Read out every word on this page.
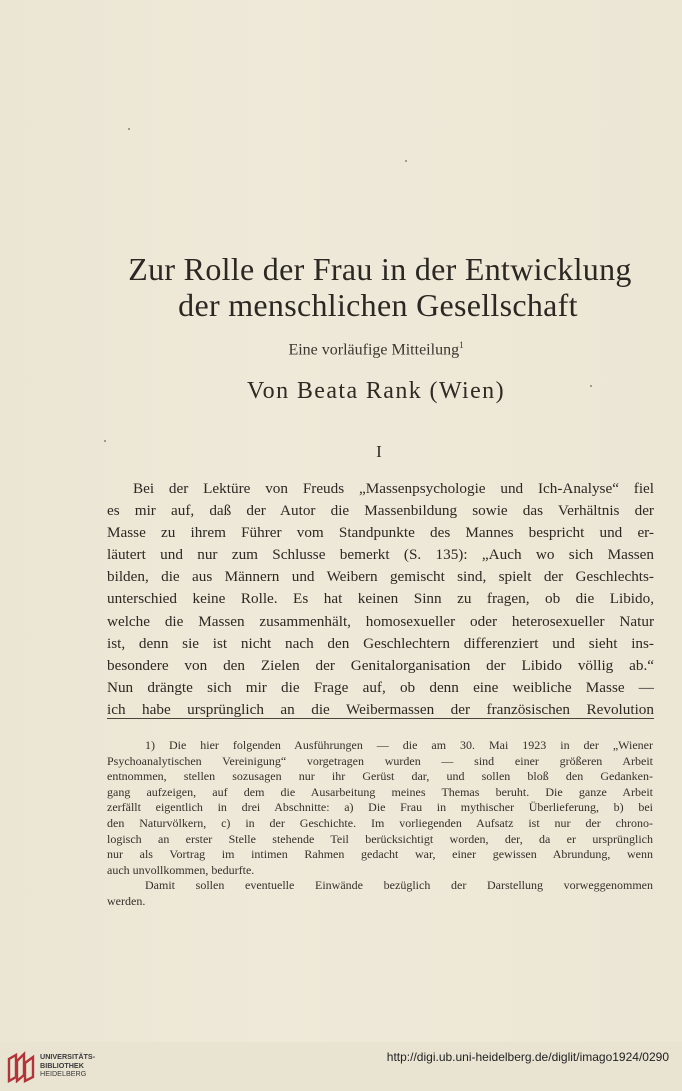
Zur Rolle der Frau in der Entwicklung
der menschlichen Gesellschaft
Eine vorläufige Mitteilung$^1$
Von Beata Rank (Wien)
I
Bei der Lektüre von Freuds „Massenpsychologie und Ich-Analyse“ fiel
es mir auf, daß der Autor die Massenbildung sowie das Verhältnis der
Masse zu ihrem Führer vom Standpunkte des Mannes bespricht und er-
läutert und nur zum Schlusse bemerkt (S. 135): „Auch wo sich Massen
bilden, die aus Männern und Weibern gemischt sind, spielt der Geschlechts-
unterschied keine Rolle. Es hat keinen Sinn zu fragen, ob die Libido,
welche die Massen zusammenhält, homosexueller oder heterosexueller Natur
ist, denn sie ist nicht nach den Geschlechtern differenziert und sieht ins-
besondere von den Zielen der Genitalorganisation der Libido völlig ab.“
Nun drängte sich mir die Frage auf, ob denn eine weibliche Masse —
ich habe ursprünglich an die Weibermassen der französischen Revolution
1) Die hier folgenden Ausführungen — die am 30. Mai 1923 in der „Wiener
Psychoanalytischen Vereinigung“ vorgetragen wurden — sind einer größeren Arbeit
entnommen, stellen sozusagen nur ihr Gerüst dar, und sollen bloß den Gedanken-
gang aufzeigen, auf dem die Ausarbeitung meines Themas beruht. Die ganze Arbeit
zerfällt eigentlich in drei Abschnitte: a) Die Frau in mythischer Überlieferung, b) bei
den Naturvölkern, c) in der Geschichte. Im vorliegenden Aufsatz ist nur der chrono-
logisch an erster Stelle stehende Teil berücksichtigt worden, der, da er ursprünglich
nur als Vortrag im intimen Rahmen gedacht war, einer gewissen Abrundung, wenn
auch unvollkommen, bedurfte.
Damit sollen eventuelle Einwände bezüglich der Darstellung vorweggenommen
werden.
UNIVERSITÄTS-
BIBLIOTHEK
HEIDELBERG
http://digi.ub.uni-heidelberg.de/diglit/imago1924/0290
